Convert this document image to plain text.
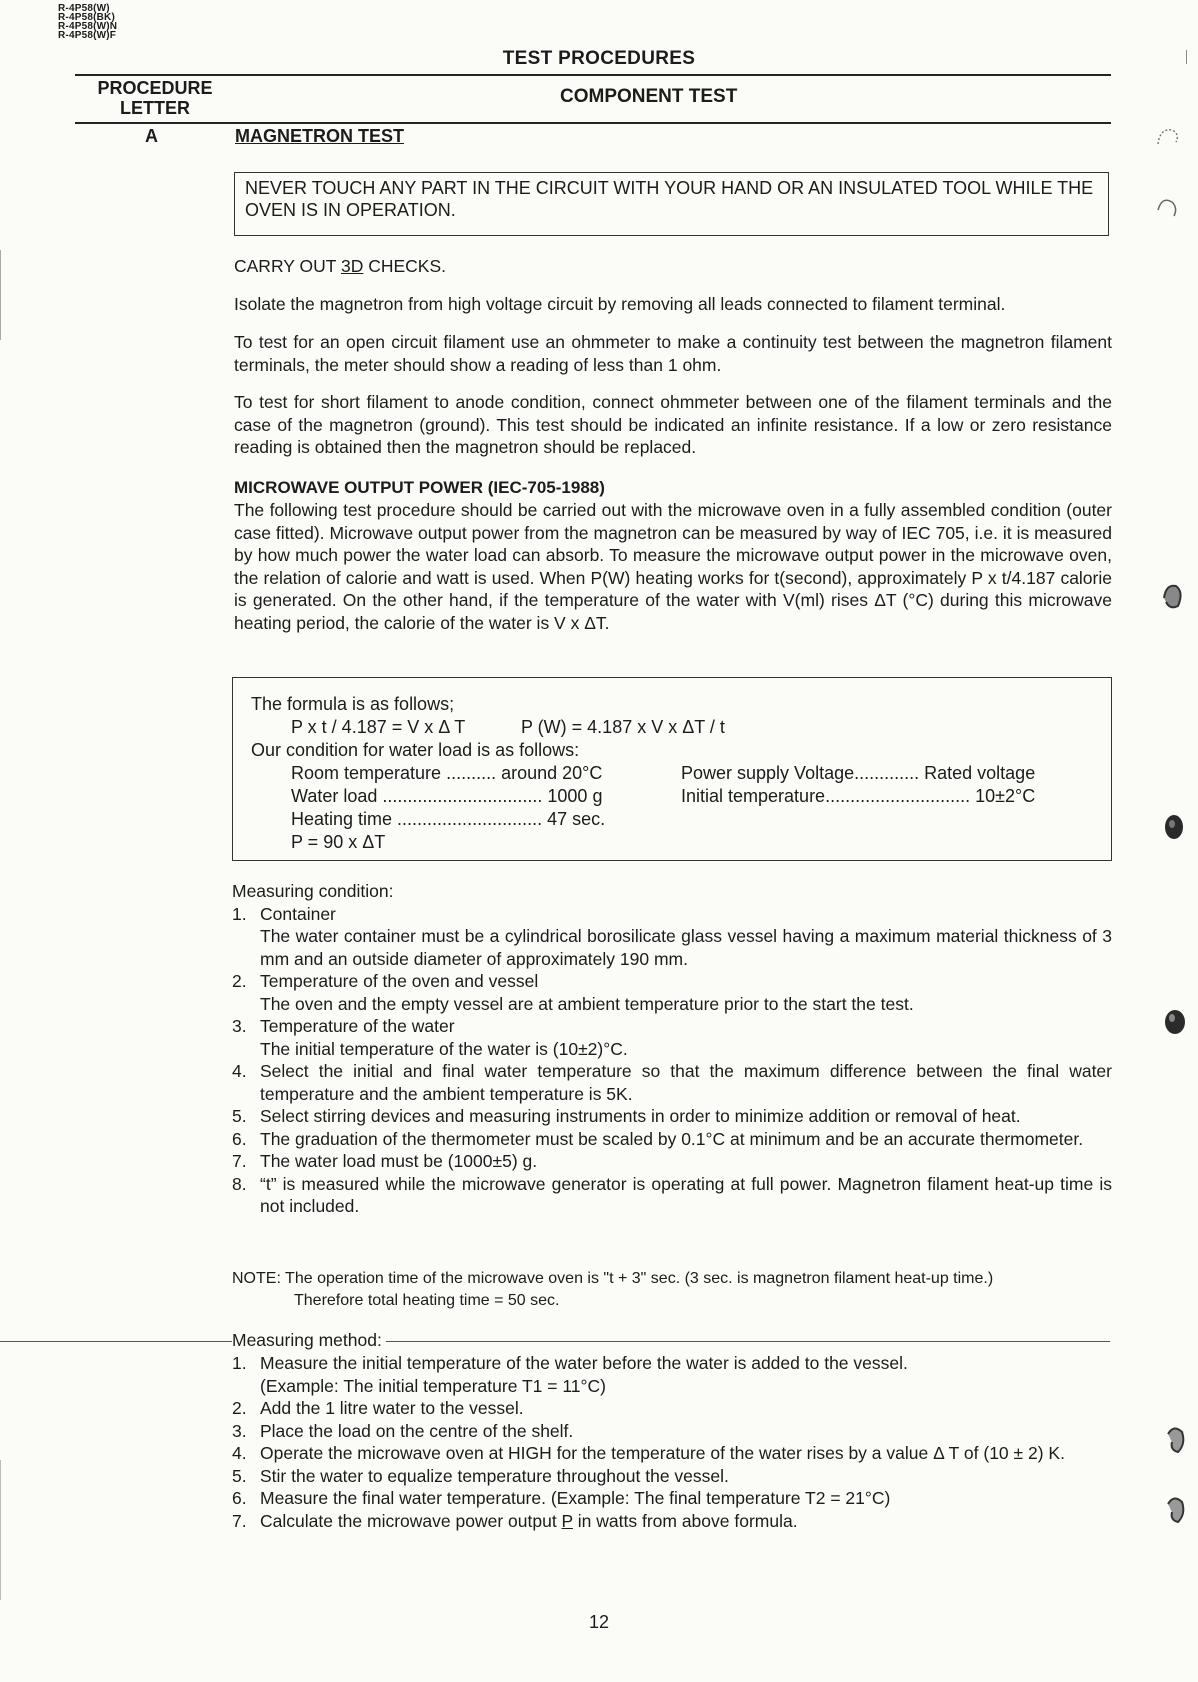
R-4P58(W)
R-4P58(BK)
R-4P58(W)N
R-4P58(W)F
TEST PROCEDURES
PROCEDURE LETTER
COMPONENT TEST
A	MAGNETRON TEST
NEVER TOUCH ANY PART IN THE CIRCUIT WITH YOUR HAND OR AN INSULATED TOOL WHILE THE OVEN IS IN OPERATION.
CARRY OUT 3D CHECKS.
Isolate the magnetron from high voltage circuit by removing all leads connected to filament terminal.
To test for an open circuit filament use an ohmmeter to make a continuity test between the magnetron filament terminals, the meter should show a reading of less than 1 ohm.
To test for short filament to anode condition, connect ohmmeter between one of the filament terminals and the case of the magnetron (ground). This test should be indicated an infinite resistance. If a low or zero resistance reading is obtained then the magnetron should be replaced.
MICROWAVE OUTPUT POWER (IEC-705-1988)
The following test procedure should be carried out with the microwave oven in a fully assembled condition (outer case fitted). Microwave output power from the magnetron can be measured by way of IEC 705, i.e. it is measured by how much power the water load can absorb. To measure the microwave output power in the microwave oven, the relation of calorie and watt is used. When P(W) heating works for t(second), approximately P x t/4.187 calorie is generated. On the other hand, if the temperature of the water with V(ml) rises ΔT (°C) during this microwave heating period, the calorie of the water is V x ΔT.
The formula is as follows;
P x t / 4.187 = V x Δ T	P (W) = 4.187 x V x ΔT / t
Our condition for water load is as follows:
Room temperature .......... around 20°C
Water load ................................ 1000 g
Heating time ............................. 47 sec.
P = 90 x ΔT
Power supply Voltage............. Rated voltage
Initial temperature............................. 10±2°C
Measuring condition:
1. Container
The water container must be a cylindrical borosilicate glass vessel having a maximum material thickness of 3 mm and an outside diameter of approximately 190 mm.
2. Temperature of the oven and vessel
The oven and the empty vessel are at ambient temperature prior to the start the test.
3. Temperature of the water
The initial temperature of the water is (10±2)°C.
4. Select the initial and final water temperature so that the maximum difference between the final water temperature and the ambient temperature is 5K.
5. Select stirring devices and measuring instruments in order to minimize addition or removal of heat.
6. The graduation of the thermometer must be scaled by 0.1°C at minimum and be an accurate thermometer.
7. The water load must be (1000±5) g.
8. “t” is measured while the microwave generator is operating at full power. Magnetron filament heat-up time is not included.
NOTE: The operation time of the microwave oven is "t + 3" sec. (3 sec. is magnetron filament heat-up time.)
Therefore total heating time = 50 sec.
Measuring method:
1. Measure the initial temperature of the water before the water is added to the vessel.
(Example: The initial temperature T1 = 11°C)
2. Add the 1 litre water to the vessel.
3. Place the load on the centre of the shelf.
4. Operate the microwave oven at HIGH for the temperature of the water rises by a value Δ T of (10 ± 2) K.
5. Stir the water to equalize temperature throughout the vessel.
6. Measure the final water temperature. (Example: The final temperature T2 = 21°C)
7. Calculate the microwave power output P in watts from above formula.
12
